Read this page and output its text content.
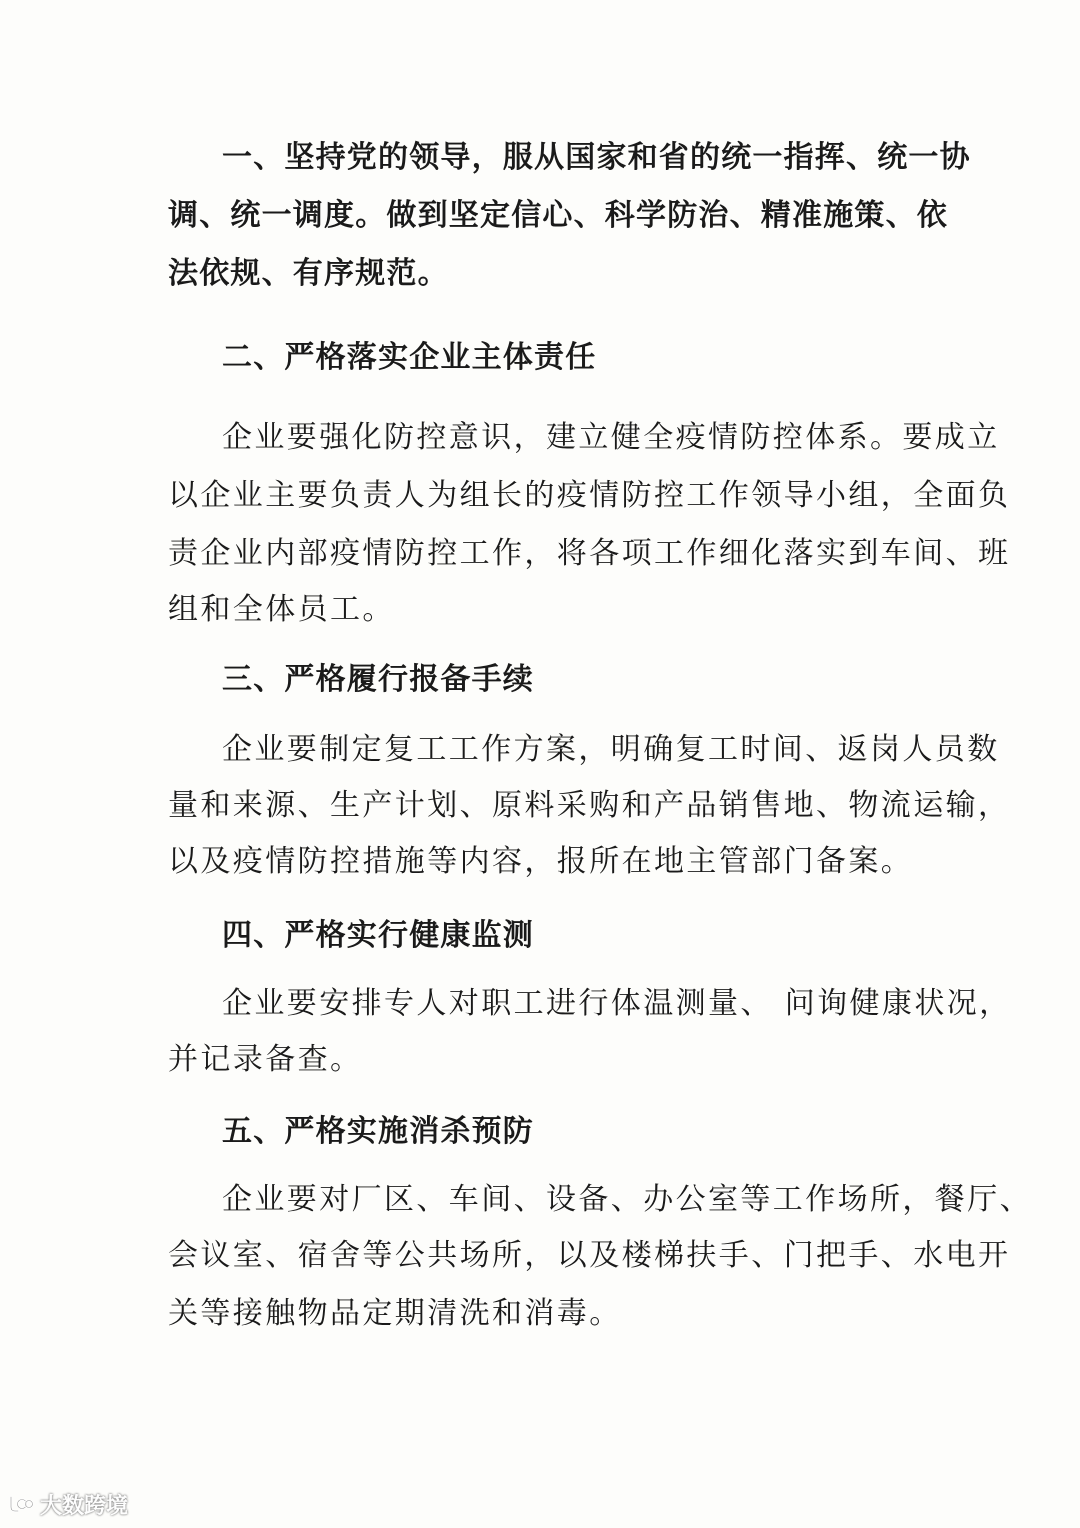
一、坚持党的领导，服从国家和省的统一指挥、统一协
调、统一调度。做到坚定信心、科学防治、精准施策、依
法依规、有序规范。
二、严格落实企业主体责任
企业要强化防控意识，建立健全疫情防控体系。要成立
以企业主要负责人为组长的疫情防控工作领导小组，全面负
责企业内部疫情防控工作，将各项工作细化落实到车间、班
组和全体员工。
三、严格履行报备手续
企业要制定复工工作方案，明确复工时间、返岗人员数
量和来源、生产计划、原料采购和产品销售地、物流运输，
以及疫情防控措施等内容，报所在地主管部门备案。
四、严格实行健康监测
企业要安排专人对职工进行体温测量、 问询健康状况，
并记录备查。
五、严格实施消杀预防
企业要对厂区、车间、设备、办公室等工作场所，餐厅、
会议室、宿舍等公共场所，以及楼梯扶手、门把手、水电开
关等接触物品定期清洗和消毒。
大数跨境
